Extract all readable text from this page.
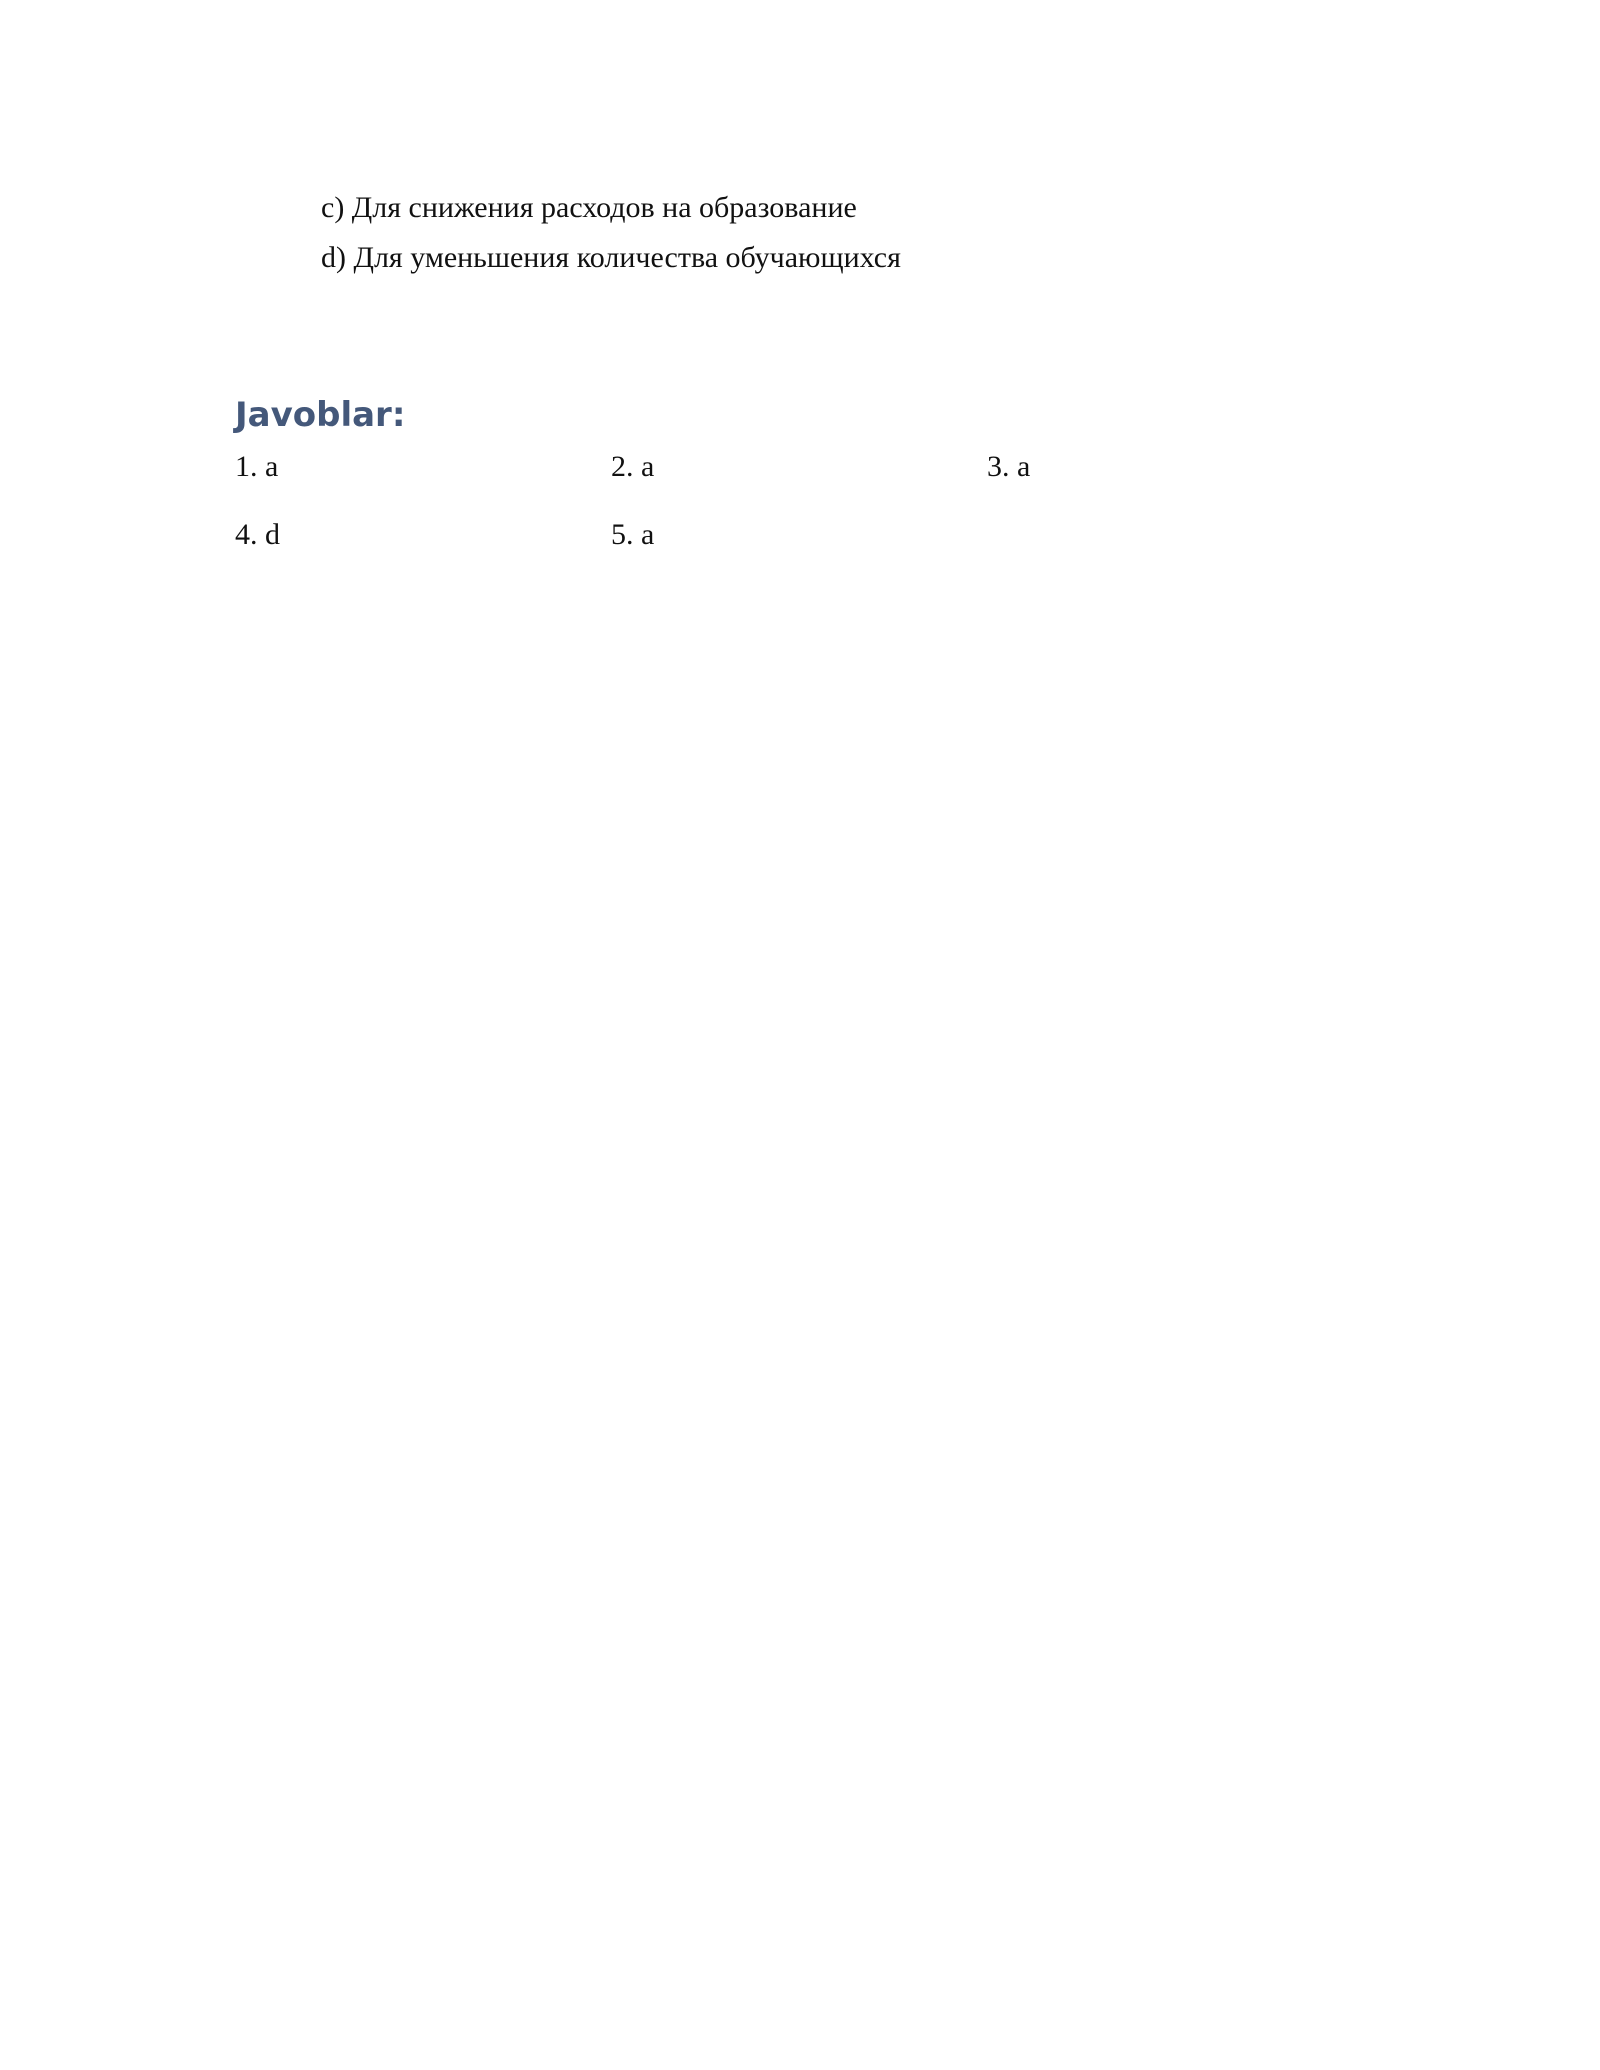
c) Для снижения расходов на образование
d) Для уменьшения количества обучающихся
Javoblar:
1. a	2. a	3. a
4. d	5. a
